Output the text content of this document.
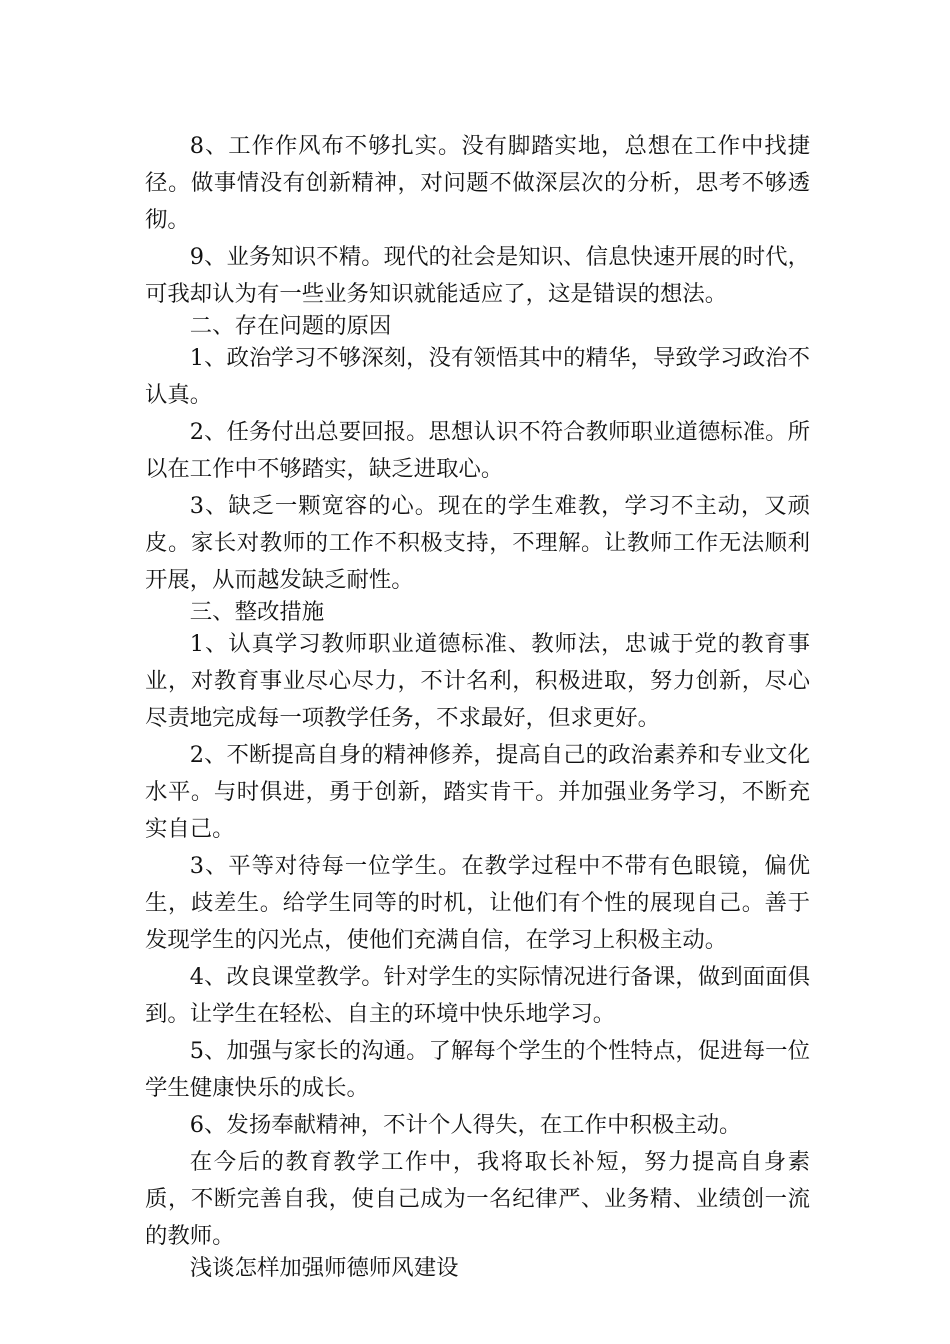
8、工作作风布不够扎实。没有脚踏实地，总想在工作中找捷径。做事情没有创新精神，对问题不做深层次的分析，思考不够透彻。

9、业务知识不精。现代的社会是知识、信息快速开展的时代，可我却认为有一些业务知识就能适应了，这是错误的想法。

二、存在问题的原因

1、政治学习不够深刻，没有领悟其中的精华，导致学习政治不认真。

2、任务付出总要回报。思想认识不符合教师职业道德标准。所以在工作中不够踏实，缺乏进取心。

3、缺乏一颗宽容的心。现在的学生难教，学习不主动，又顽皮。家长对教师的工作不积极支持，不理解。让教师工作无法顺利开展，从而越发缺乏耐性。

三、整改措施

1、认真学习教师职业道德标准、教师法，忠诚于党的教育事业，对教育事业尽心尽力，不计名利，积极进取，努力创新，尽心尽责地完成每一项教学任务，不求最好，但求更好。

2、不断提高自身的精神修养，提高自己的政治素养和专业文化水平。与时俱进，勇于创新，踏实肯干。并加强业务学习，不断充实自己。

3、平等对待每一位学生。在教学过程中不带有色眼镜，偏优生，歧差生。给学生同等的时机，让他们有个性的展现自己。善于发现学生的闪光点，使他们充满自信，在学习上积极主动。

4、改良课堂教学。针对学生的实际情况进行备课，做到面面俱到。让学生在轻松、自主的环境中快乐地学习。

5、加强与家长的沟通。了解每个学生的个性特点，促进每一位学生健康快乐的成长。

6、发扬奉献精神，不计个人得失，在工作中积极主动。

在今后的教育教学工作中，我将取长补短，努力提高自身素质，不断完善自我，使自己成为一名纪律严、业务精、业绩创一流的教师。

浅谈怎样加强师德师风建设
